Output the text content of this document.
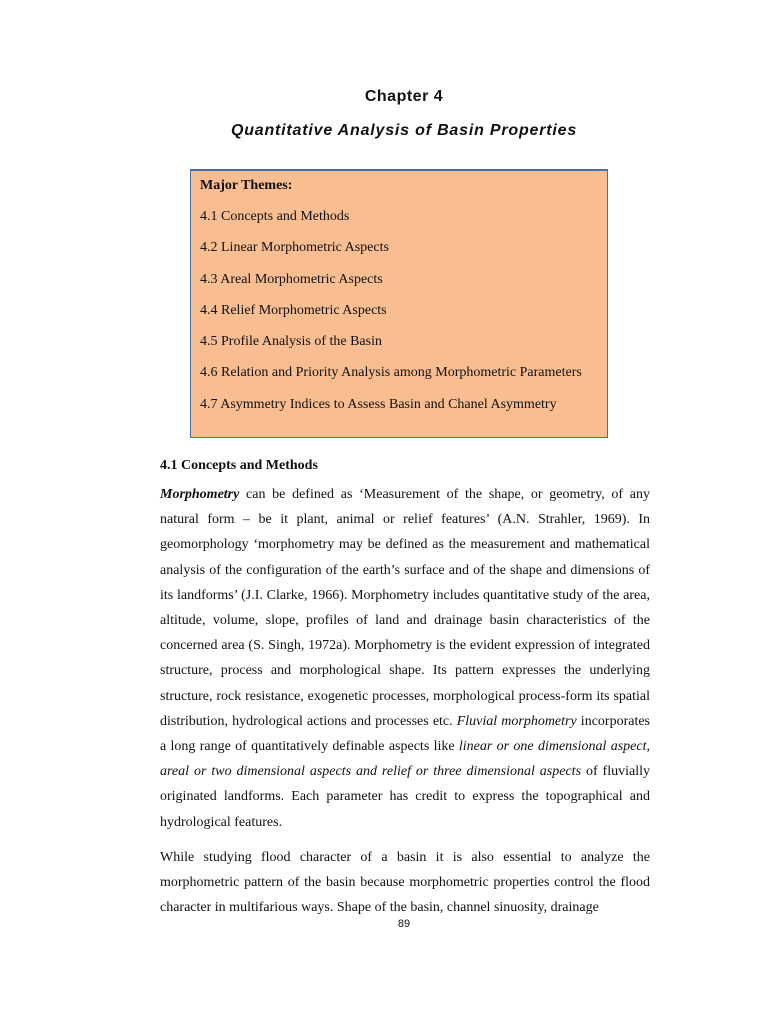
Chapter 4
Quantitative Analysis of Basin Properties
Major Themes:
4.1 Concepts and Methods
4.2 Linear Morphometric Aspects
4.3 Areal Morphometric Aspects
4.4 Relief Morphometric Aspects
4.5 Profile Analysis of the Basin
4.6 Relation and Priority Analysis among Morphometric Parameters
4.7 Asymmetry Indices to Assess Basin and Chanel Asymmetry
4.1 Concepts and Methods

Morphometry can be defined as ‘Measurement of the shape, or geometry, of any natural form – be it plant, animal or relief features’ (A.N. Strahler, 1969). In geomorphology ‘morphometry may be defined as the measurement and mathematical analysis of the configuration of the earth’s surface and of the shape and dimensions of its landforms’ (J.I. Clarke, 1966). Morphometry includes quantitative study of the area, altitude, volume, slope, profiles of land and drainage basin characteristics of the concerned area (S. Singh, 1972a). Morphometry is the evident expression of integrated structure, process and morphological shape. Its pattern expresses the underlying structure, rock resistance, exogenetic processes, morphological process-form its spatial distribution, hydrological actions and processes etc. Fluvial morphometry incorporates a long range of quantitatively definable aspects like linear or one dimensional aspect, areal or two dimensional aspects and relief or three dimensional aspects of fluvially originated landforms. Each parameter has credit to express the topographical and hydrological features.

While studying flood character of a basin it is also essential to analyze the morphometric pattern of the basin because morphometric properties control the flood character in multifarious ways. Shape of the basin, channel sinuosity, drainage

89
